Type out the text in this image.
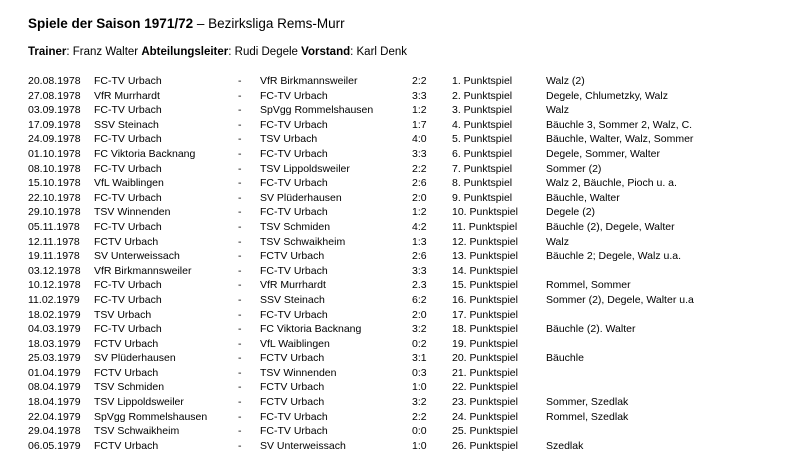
Spiele der Saison 1971/72 – Bezirksliga Rems-Murr
Trainer: Franz Walter Abteilungsleiter: Rudi Degele Vorstand: Karl Denk
20.08.1978	FC-TV Urbach	-	VfR Birkmannsweiler	2:2	1. Punktspiel	Walz (2)
27.08.1978	VfR Murrhardt	-	FC-TV Urbach	3:3	2. Punktspiel	Degele, Chlumetzky, Walz
03.09.1978	FC-TV Urbach	-	SpVgg Rommelshausen	1:2	3. Punktspiel	Walz
17.09.1978	SSV Steinach	-	FC-TV Urbach	1:7	4. Punktspiel	Bäuchle 3, Sommer 2, Walz, C.
24.09.1978	FC-TV Urbach	-	TSV Urbach	4:0	5. Punktspiel	Bäuchle, Walter, Walz, Sommer
01.10.1978	FC Viktoria Backnang	-	FC-TV Urbach	3:3	6. Punktspiel	Degele, Sommer, Walter
08.10.1978	FC-TV Urbach	-	TSV Lippoldsweiler	2:2	7. Punktspiel	Sommer (2)
15.10.1978	VfL Waiblingen	-	FC-TV Urbach	2:6	8. Punktspiel	Walz 2, Bäuchle, Pioch u. a.
22.10.1978	FC-TV Urbach	-	SV Plüderhausen	2:0	9. Punktspiel	Bäuchle, Walter
29.10.1978	TSV Winnenden	-	FC-TV Urbach	1:2	10. Punktspiel	Degele (2)
05.11.1978	FC-TV Urbach	-	TSV Schmiden	4:2	11. Punktspiel	Bäuchle (2), Degele, Walter
12.11.1978	FCTV Urbach	-	TSV Schwaikheim	1:3	12. Punktspiel	Walz
19.11.1978	SV Unterweissach	-	FCTV Urbach	2:6	13. Punktspiel	Bäuchle 2; Degele, Walz u.a.
03.12.1978	VfR Birkmannsweiler	-	FC-TV Urbach	3:3	14. Punktspiel	
10.12.1978	FC-TV Urbach	-	VfR Murrhardt	2.3	15. Punktspiel	Rommel, Sommer
11.02.1979	FC-TV Urbach	-	SSV Steinach	6:2	16. Punktspiel	Sommer (2), Degele, Walter u.a
18.02.1979	TSV Urbach	-	FC-TV Urbach	2:0	17. Punktspiel	
04.03.1979	FC-TV Urbach	-	FC Viktoria Backnang	3:2	18. Punktspiel	Bäuchle (2). Walter
18.03.1979	FCTV Urbach	-	VfL Waiblingen	0:2	19. Punktspiel	
25.03.1979	SV Plüderhausen	-	FCTV Urbach	3:1	20. Punktspiel	Bäuchle
01.04.1979	FCTV Urbach	-	TSV Winnenden	0:3	21. Punktspiel	
08.04.1979	TSV Schmiden	-	FCTV Urbach	1:0	22. Punktspiel	
18.04.1979	TSV Lippoldsweiler	-	FCTV Urbach	3:2	23. Punktspiel	Sommer, Szedlak
22.04.1979	SpVgg Rommelshausen	-	FC-TV Urbach	2:2	24. Punktspiel	Rommel, Szedlak
29.04.1978	TSV Schwaikheim	-	FC-TV Urbach	0:0	25. Punktspiel	
06.05.1979	FCTV Urbach	-	SV Unterweissach	1:0	26. Punktspiel	Szedlak
